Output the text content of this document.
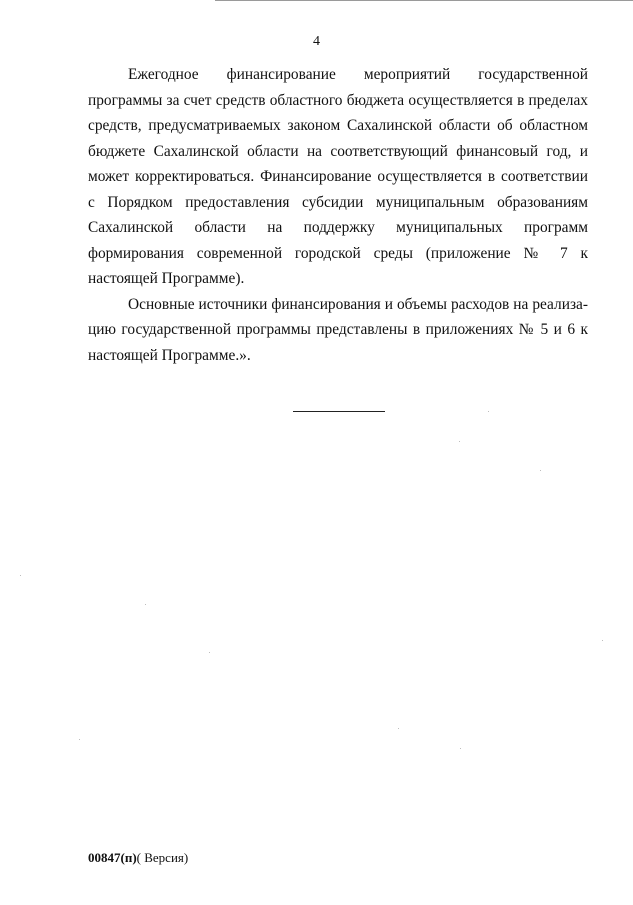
4

Ежегодное финансирование мероприятий государственной программы за счет средств областного бюджета осуществляется в пределах средств, предусматриваемых законом Сахалинской области об областном бюджете Сахалинской области на соответствующий финансовый год, и может корректироваться. Финансирование осуществляется в соответствии с Порядком предоставления субсидии муниципальным образованиям Сахалинской области на поддержку муниципальных программ формирования современной городской среды (приложение № 7 к настоящей Программе).

Основные источники финансирования и объемы расходов на реализацию государственной программы представлены в приложениях № 5 и 6 к настоящей Программе.».

00847(п)( Версия)
